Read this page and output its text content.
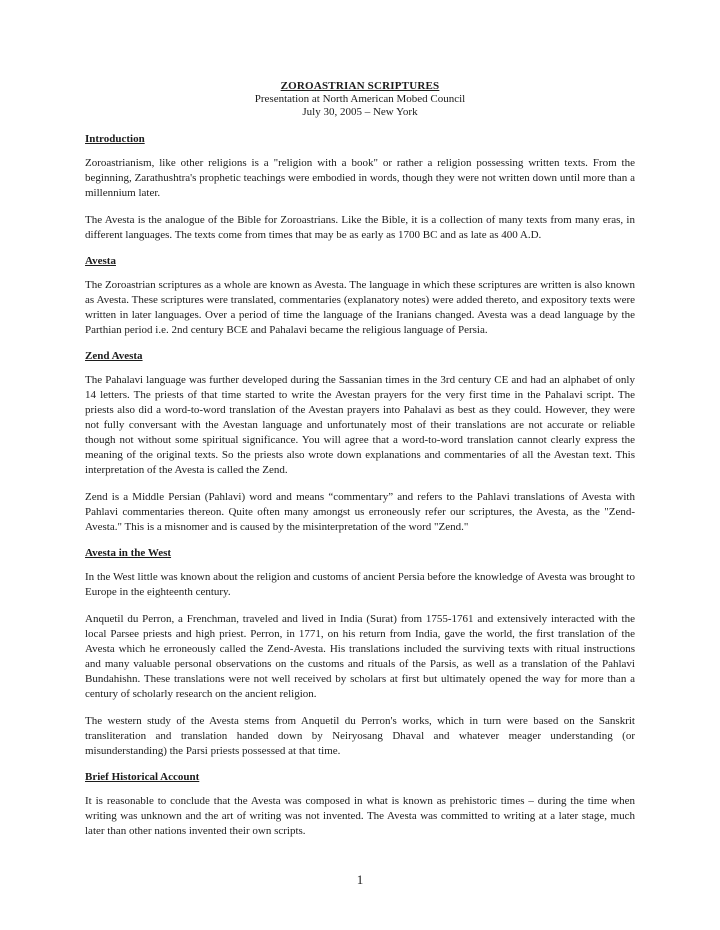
ZOROASTRIAN SCRIPTURES
Presentation at North American Mobed Council
July 30, 2005 – New York
Introduction

Zoroastrianism, like other religions is a "religion with a book" or rather a religion possessing written texts. From the beginning, Zarathushtra's prophetic teachings were embodied in words, though they were not written down until more than a millennium later.

The Avesta is the analogue of the Bible for Zoroastrians. Like the Bible, it is a collection of many texts from many eras, in different languages. The texts come from times that may be as early as 1700 BC and as late as 400 A.D.

Avesta

The Zoroastrian scriptures as a whole are known as Avesta. The language in which these scriptures are written is also known as Avesta. These scriptures were translated, commentaries (explanatory notes) were added thereto, and expository texts were written in later languages. Over a period of time the language of the Iranians changed. Avesta was a dead language by the Parthian period i.e. 2nd century BCE and Pahalavi became the religious language of Persia.

Zend Avesta

The Pahalavi language was further developed during the Sassanian times in the 3rd century CE and had an alphabet of only 14 letters. The priests of that time started to write the Avestan prayers for the very first time in the Pahalavi script. The priests also did a word-to-word translation of the Avestan prayers into Pahalavi as best as they could. However, they were not fully conversant with the Avestan language and unfortunately most of their translations are not accurate or reliable though not without some spiritual significance. You will agree that a word-to-word translation cannot clearly express the meaning of the original texts. So the priests also wrote down explanations and commentaries of all the Avestan text. This interpretation of the Avesta is called the Zend.

Zend is a Middle Persian (Pahlavi) word and means “commentary” and refers to the Pahlavi translations of Avesta with Pahlavi commentaries thereon. Quite often many amongst us erroneously refer our scriptures, the Avesta, as the "Zend-Avesta." This is a misnomer and is caused by the misinterpretation of the word "Zend."

Avesta in the West

In the West little was known about the religion and customs of ancient Persia before the knowledge of Avesta was brought to Europe in the eighteenth century.

Anquetil du Perron, a Frenchman, traveled and lived in India (Surat) from 1755-1761 and extensively interacted with the local Parsee priests and high priest. Perron, in 1771, on his return from India, gave the world, the first translation of the Avesta which he erroneously called the Zend-Avesta. His translations included the surviving texts with ritual instructions and many valuable personal observations on the customs and rituals of the Parsis, as well as a translation of the Pahlavi Bundahishn. These translations were not well received by scholars at first but ultimately opened the way for more than a century of scholarly research on the ancient religion.

The western study of the Avesta stems from Anquetil du Perron's works, which in turn were based on the Sanskrit transliteration and translation handed down by Neiryosang Dhaval and whatever meager understanding (or misunderstanding) the Parsi priests possessed at that time.

Brief Historical Account

It is reasonable to conclude that the Avesta was composed in what is known as prehistoric times – during the time when writing was unknown and the art of writing was not invented. The Avesta was committed to writing at a later stage, much later than other nations invented their own scripts.

1
